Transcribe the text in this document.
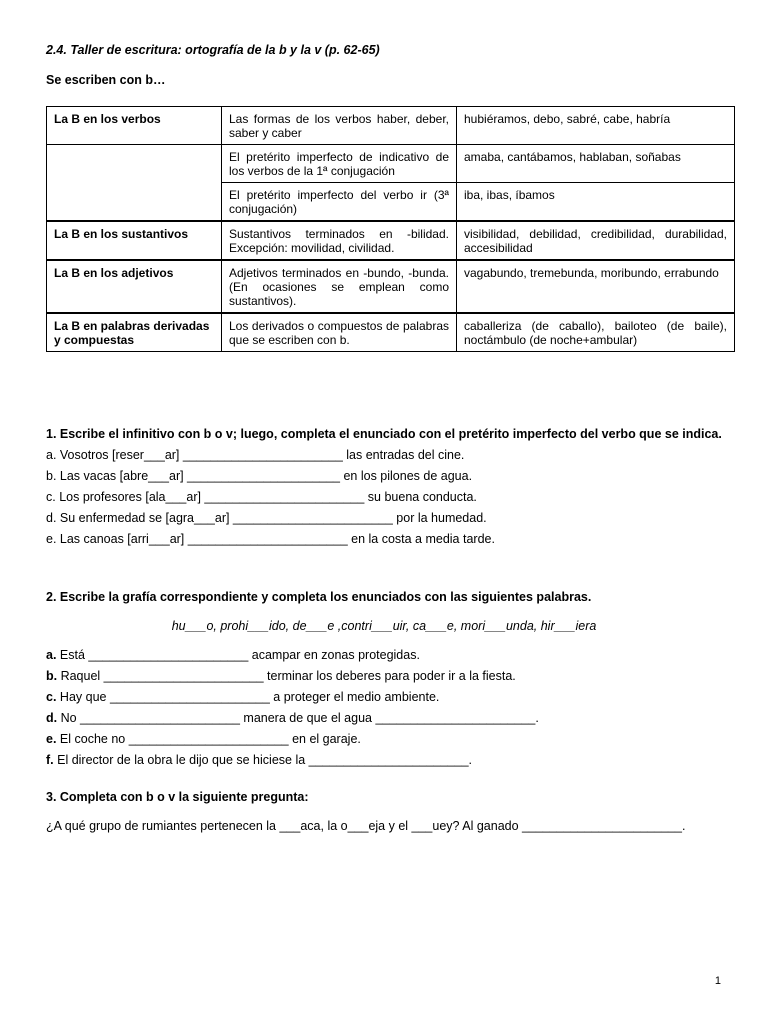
2.4. Taller de escritura: ortografía de la b y la v (p. 62-65)
Se escriben con b…
La B en los verbos	Las formas de los verbos haber, deber, saber y caber	hubiéramos, debo, sabré, cabe, habría
	El pretérito imperfecto de indicativo de los verbos de la 1ª conjugación	amaba, cantábamos, hablaban, soñabas
	El pretérito imperfecto del verbo ir (3ª conjugación)	iba, ibas, íbamos
La B en los sustantivos	Sustantivos terminados en -bilidad. Excepción: movilidad, civilidad.	visibilidad, debilidad, credibilidad, durabilidad, accesibilidad
La B en los adjetivos	Adjetivos terminados en -bundo, -bunda. (En ocasiones se emplean como sustantivos).	vagabundo, tremebunda, moribundo, errabundo
La B en palabras derivadas y compuestas	Los derivados o compuestos de palabras que se escriben con b.	caballeriza (de caballo), bailoteo (de baile), noctámbulo (de noche+ambular)
1. Escribe el infinitivo con b o v; luego, completa el enunciado con el pretérito imperfecto del verbo que se indica.
a. Vosotros [reser___ar] _______________________ las entradas del cine.
b. Las vacas [abre___ar] ______________________ en los pilones de agua.
c. Los profesores [ala___ar] _______________________ su buena conducta.
d. Su enfermedad se [agra___ar] _______________________ por la humedad.
e. Las canoas [arri___ar] _______________________ en la costa a media tarde.
2. Escribe la grafía correspondiente y completa los enunciados con las siguientes palabras.
hu___o, prohi___ido, de___e ,contri___uir, ca___e, mori___unda, hir___iera
a. Está _______________________ acampar en zonas protegidas.
b. Raquel _______________________ terminar los deberes para poder ir a la fiesta.
c. Hay que _______________________ a proteger el medio ambiente.
d. No _______________________ manera de que el agua _______________________.
e. El coche no _______________________ en el garaje.
f. El director de la obra le dijo que se hiciese la _______________________.
3. Completa con b o v la siguiente pregunta:
¿A qué grupo de rumiantes pertenecen la ___aca, la o___eja y el ___uey? Al ganado _______________________.
1
